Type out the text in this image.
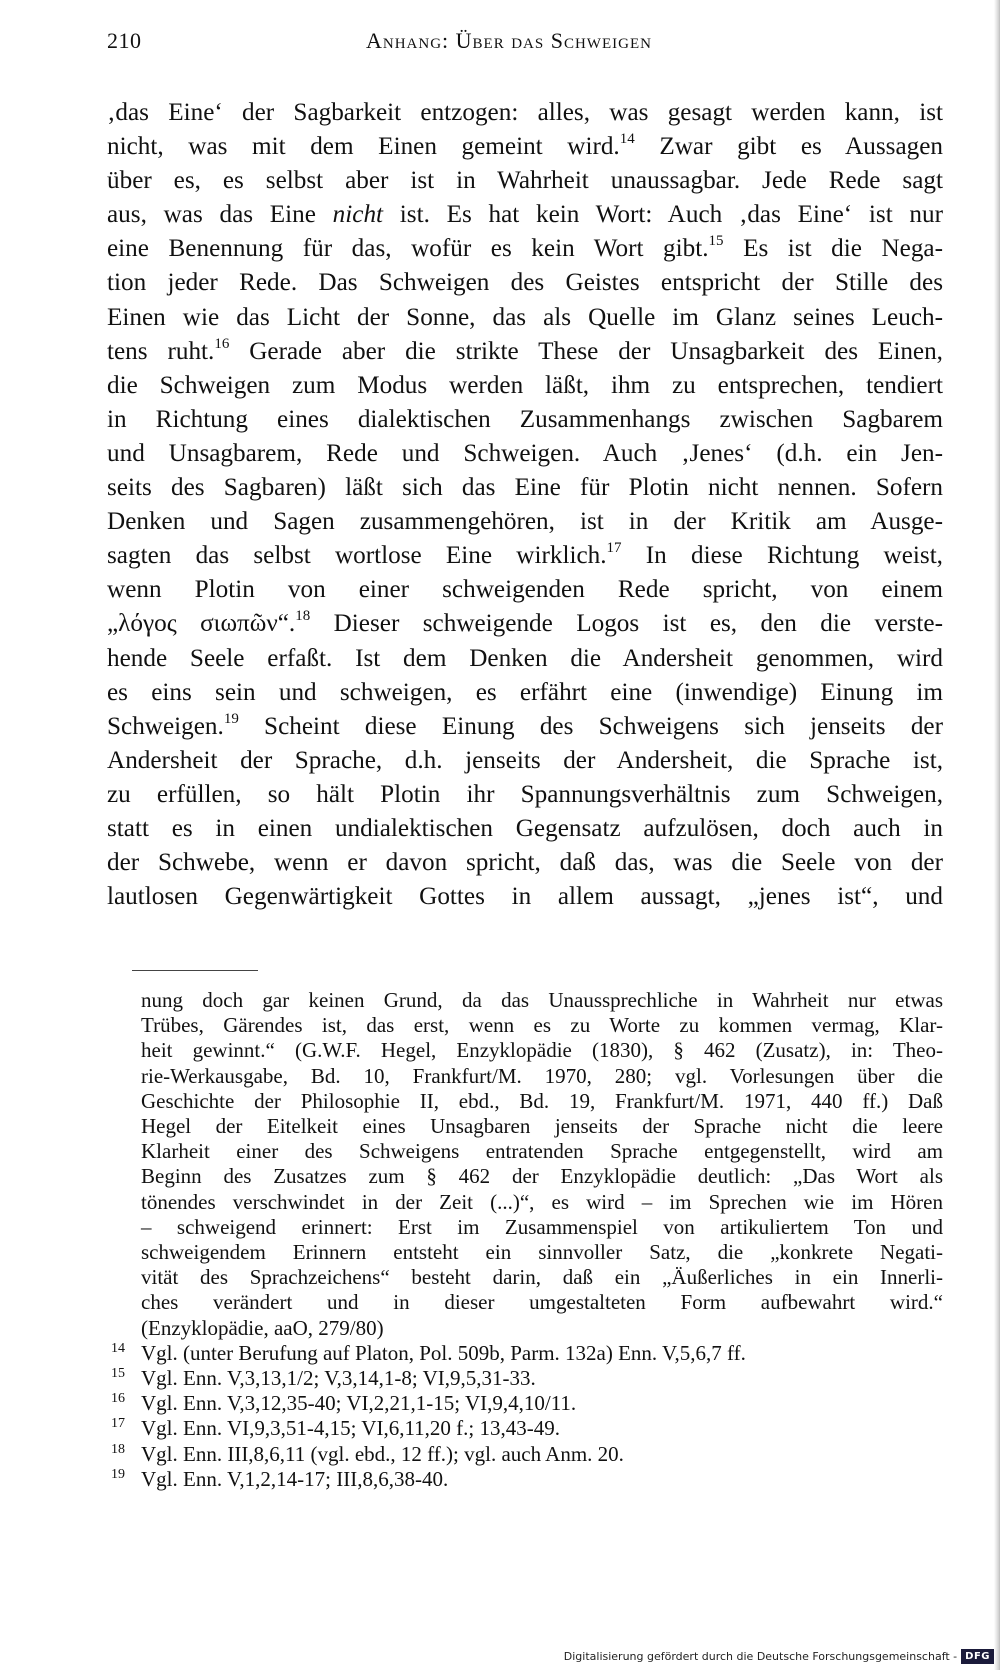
210	Anhang: Über das Schweigen
‚das Eine‘ der Sagbarkeit entzogen: alles, was gesagt werden kann, ist
nicht, was mit dem Einen gemeint wird.$^{14}$ Zwar gibt es Aussagen
über es, es selbst aber ist in Wahrheit unaussagbar. Jede Rede sagt
aus, was das Eine nicht ist. Es hat kein Wort: Auch ‚das Eine‘ ist nur
eine Benennung für das, wofür es kein Wort gibt.$^{15}$ Es ist die Nega-
tion jeder Rede. Das Schweigen des Geistes entspricht der Stille des
Einen wie das Licht der Sonne, das als Quelle im Glanz seines Leuch-
tens ruht.$^{16}$ Gerade aber die strikte These der Unsagbarkeit des Einen,
die Schweigen zum Modus werden läßt, ihm zu entsprechen, tendiert
in Richtung eines dialektischen Zusammenhangs zwischen Sagbarem
und Unsagbarem, Rede und Schweigen. Auch ‚Jenes‘ (d.h. ein Jen-
seits des Sagbaren) läßt sich das Eine für Plotin nicht nennen. Sofern
Denken und Sagen zusammengehören, ist in der Kritik am Ausge-
sagten das selbst wortlose Eine wirklich.$^{17}$ In diese Richtung weist,
wenn Plotin von einer schweigenden Rede spricht, von einem
„λόγος σιωπῶν“.$^{18}$ Dieser schweigende Logos ist es, den die verste-
hende Seele erfaßt. Ist dem Denken die Andersheit genommen, wird
es eins sein und schweigen, es erfährt eine (inwendige) Einung im
Schweigen.$^{19}$ Scheint diese Einung des Schweigens sich jenseits der
Andersheit der Sprache, d.h. jenseits der Andersheit, die Sprache ist,
zu erfüllen, so hält Plotin ihr Spannungsverhältnis zum Schweigen,
statt es in einen undialektischen Gegensatz aufzulösen, doch auch in
der Schwebe, wenn er davon spricht, daß das, was die Seele von der
lautlosen Gegenwärtigkeit Gottes in allem aussagt, „jenes ist“, und
nung doch gar keinen Grund, da das Unaussprechliche in Wahrheit nur etwas
Trübes, Gärendes ist, das erst, wenn es zu Worte zu kommen vermag, Klar-
heit gewinnt.“ (G.W.F. Hegel, Enzyklopädie (1830), § 462 (Zusatz), in: Theo-
rie-Werkausgabe, Bd. 10, Frankfurt/M. 1970, 280; vgl. Vorlesungen über die
Geschichte der Philosophie II, ebd., Bd. 19, Frankfurt/M. 1971, 440 ff.) Daß
Hegel der Eitelkeit eines Unsagbaren jenseits der Sprache nicht die leere
Klarheit einer des Schweigens entratenden Sprache entgegenstellt, wird am
Beginn des Zusatzes zum § 462 der Enzyklopädie deutlich: „Das Wort als
tönendes verschwindet in der Zeit (...)“, es wird – im Sprechen wie im Hören
– schweigend erinnert: Erst im Zusammenspiel von artikuliertem Ton und
schweigendem Erinnern entsteht ein sinnvoller Satz, die „konkrete Negati-
vität des Sprachzeichens“ besteht darin, daß ein „Äußerliches in ein Innerli-
ches verändert und in dieser umgestalteten Form aufbewahrt wird.“
(Enzyklopädie, aaO, 279/80)
14 Vgl. (unter Berufung auf Platon, Pol. 509b, Parm. 132a) Enn. V,5,6,7 ff.
15 Vgl. Enn. V,3,13,1/2; V,3,14,1-8; VI,9,5,31-33.
16 Vgl. Enn. V,3,12,35-40; VI,2,21,1-15; VI,9,4,10/11.
17 Vgl. Enn. VI,9,3,51-4,15; VI,6,11,20 f.; 13,43-49.
18 Vgl. Enn. III,8,6,11 (vgl. ebd., 12 ff.); vgl. auch Anm. 20.
19 Vgl. Enn. V,1,2,14-17; III,8,6,38-40.
Digitalisierung gefördert durch die Deutsche Forschungsgemeinschaft - DFG
